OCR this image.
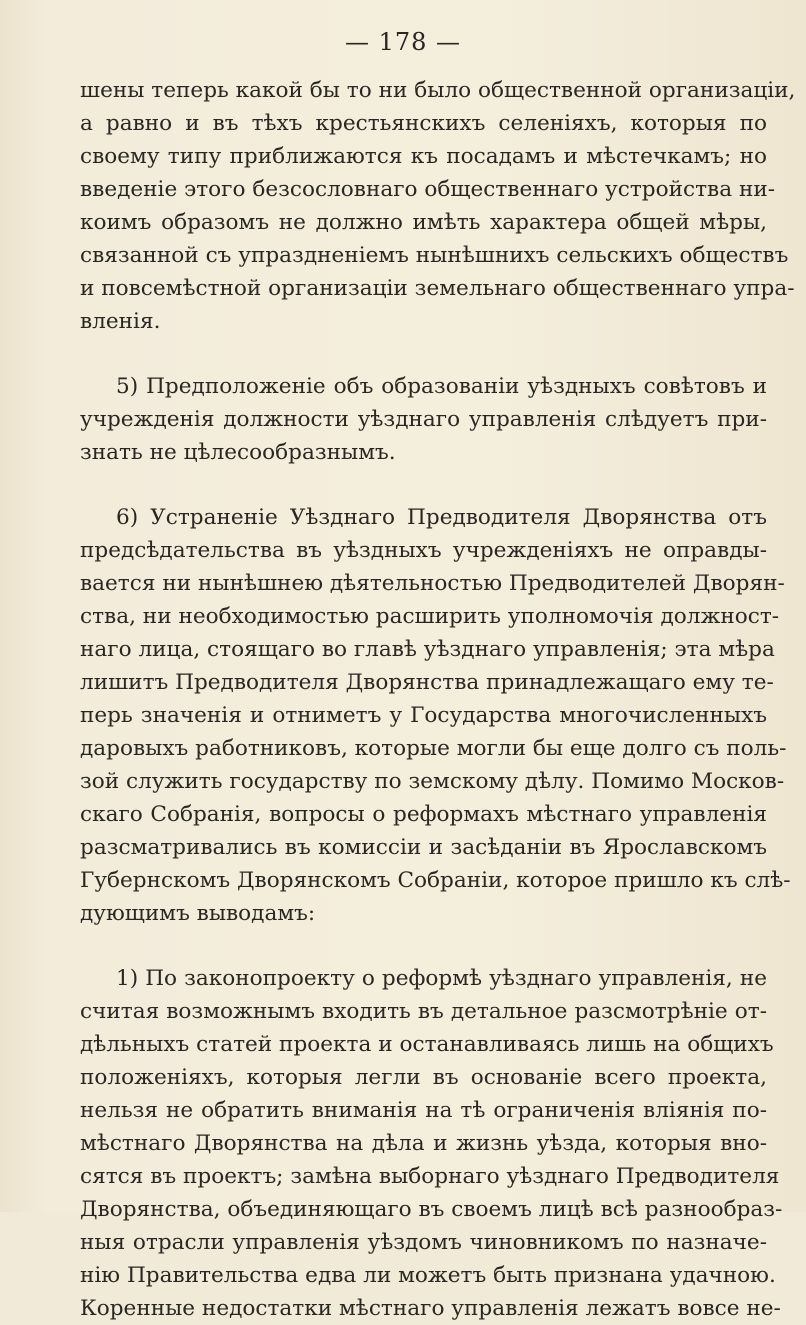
— 178 —
шены теперь какой бы то ни было общественной организацiи,
а равно и въ тѣхъ крестьянскихъ селенiяхъ, которыя по
своему типу приближаются къ посадамъ и мѣстечкамъ; но
введенiе этого безсословнаго общественнаго устройства ни-
коимъ образомъ не должно имѣть характера общей мѣры,
связанной съ упраздненiемъ нынѣшнихъ сельскихъ обществъ
и повсемѣстной организацiи земельнаго общественнаго упра-
вленiя.
5) Предположенiе объ образованiи уѣздныхъ совѣтовъ и
учрежденiя должности уѣзднаго управленiя слѣдуетъ при-
знать не цѣлесообразнымъ.
6) Устраненiе Уѣзднаго Предводителя Дворянства отъ
предсѣдательства въ уѣздныхъ учрежденiяхъ не оправды-
вается ни нынѣшнею дѣятельностью Предводителей Дворян-
ства, ни необходимостью расширить уполномочiя должност-
наго лица, стоящаго во главѣ уѣзднаго управленiя; эта мѣра
лишитъ Предводителя Дворянства принадлежащаго ему те-
перь значенiя и отниметъ у Государства многочисленныхъ
даровыхъ работниковъ, которые могли бы еще долго съ поль-
зой служить государству по земскому дѣлу. Помимо Москов-
скаго Собранiя, вопросы о реформахъ мѣстнаго управленiя
разсматривались въ комиссiи и засѣданiи въ Ярославскомъ
Губернскомъ Дворянскомъ Собранiи, которое пришло къ слѣ-
дующимъ выводамъ:
1) По законопроекту о реформѣ уѣзднаго управленiя, не
считая возможнымъ входить въ детальное разсмотрѣнiе от-
дѣльныхъ статей проекта и останавливаясь лишь на общихъ
положенiяхъ, которыя легли въ основанiе всего проекта,
нельзя не обратить вниманiя на тѣ ограниченiя влiянiя по-
мѣстнаго Дворянства на дѣла и жизнь уѣзда, которыя вно-
сятся въ проектъ; замѣна выборнаго уѣзднаго Предводителя
Дворянства, объединяющаго въ своемъ лицѣ всѣ разнообраз-
ныя отрасли управленiя уѣздомъ чиновникомъ по назначе-
нiю Правительства едва ли можетъ быть признана удачною.
Коренные недостатки мѣстнаго управленiя лежатъ вовсе не-
